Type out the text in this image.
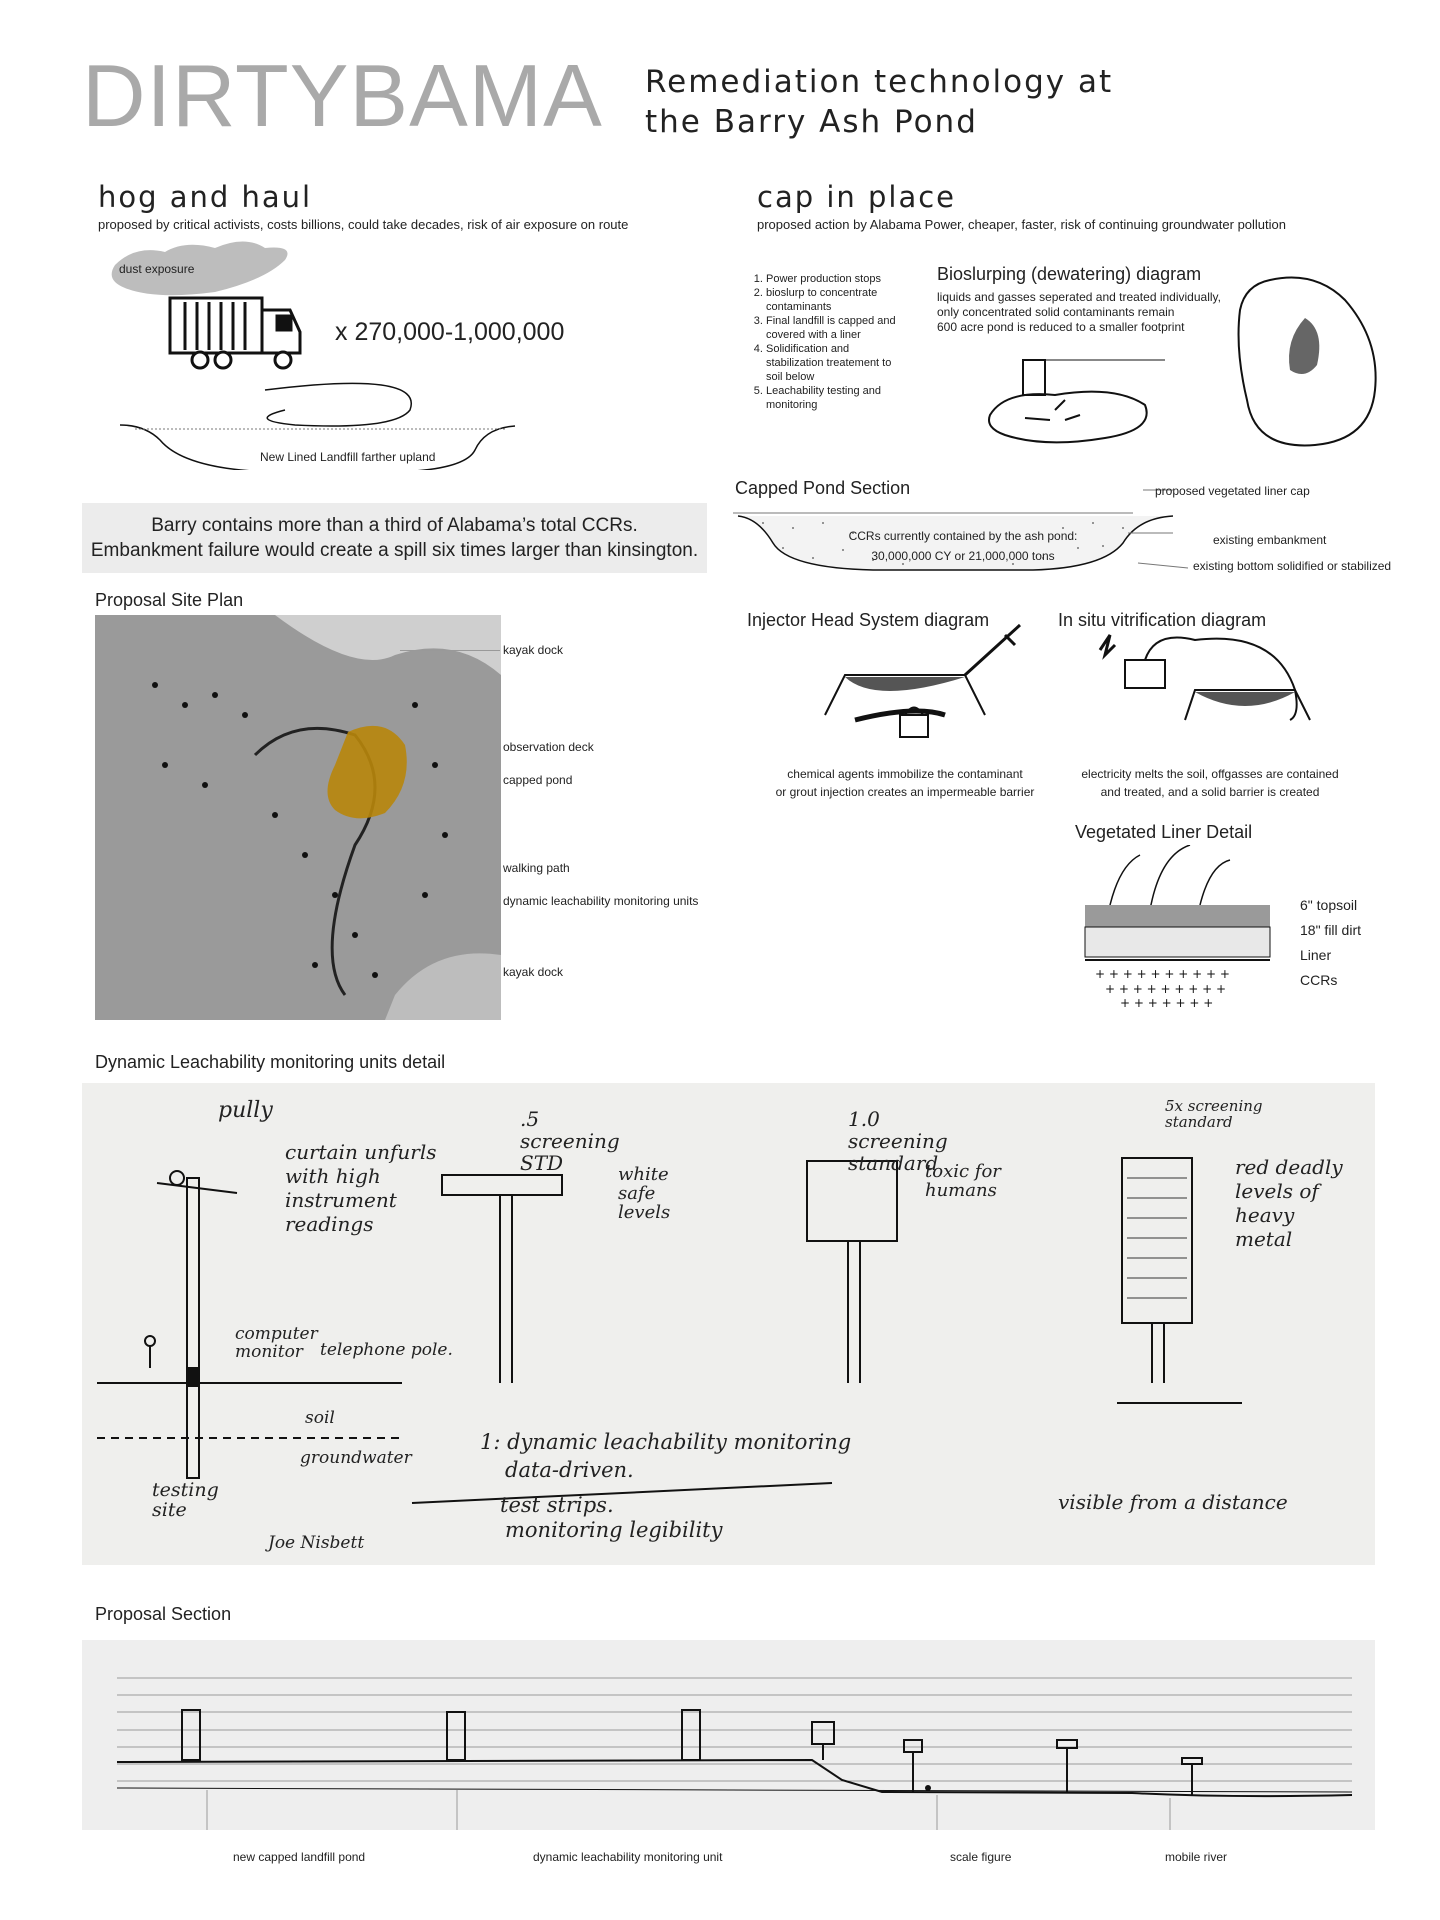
DIRTYBAMA Remediation technology at
the Barry Ash Pond
hog and haul
proposed by critical activists, costs billions, could take decades, risk of air exposure on route
dust exposure
x 270,000-1,000,000
New Lined Landfill farther upland
Barry contains more than a third of Alabama’s total CCRs.
Embankment failure would create a spill six times larger than kinsington.
cap in place
proposed action by Alabama Power, cheaper, faster, risk of continuing groundwater pollution
1. Power production stops
2. bioslurp to concentrate contaminants
3. Final landfill is capped and covered with a liner
4. Solidification and stabilization treatement to soil below
5. Leachability testing and monitoring
Bioslurping (dewatering) diagram
liquids and gasses seperated and treated individually,
only concentrated solid contaminants remain
600 acre pond is reduced to a smaller footprint
Capped Pond Section	proposed vegetated liner cap
existing embankment
existing bottom solidified or stabilized
CCRs currently contained by the ash pond:
30,000,000 CY or 21,000,000 tons
Proposal Site Plan
kayak dock
observation deck
capped pond
walking path
dynamic leachability monitoring units
kayak dock
Injector Head System diagram
chemical agents immobilize the contaminant
or grout injection creates an impermeable barrier
In situ vitrification diagram
electricity melts the soil, offgasses are contained
and treated, and a solid barrier is created
Vegetated Liner Detail
+ + + + + + + + + +
+ + + + + + + + +
+ + + + + + +
6" topsoil
18" fill dirt
Liner
CCRs
Dynamic Leachability monitoring units detail
pully
curtain unfurls with high instrument readings
computer monitor	telephone pole.
soil
groundwater
testing site
.5 screening STD	white safe levels
1.0 screening standard
toxic for humans
5x screening standard
red deadly levels of heavy metal
1: dynamic leachability monitoring
data-driven.
test strips.
monitoring legibility
visible from a distance
Joe Nisbett
Proposal Section
new capped landfill pond	dynamic leachability monitoring unit	scale figure	mobile river
